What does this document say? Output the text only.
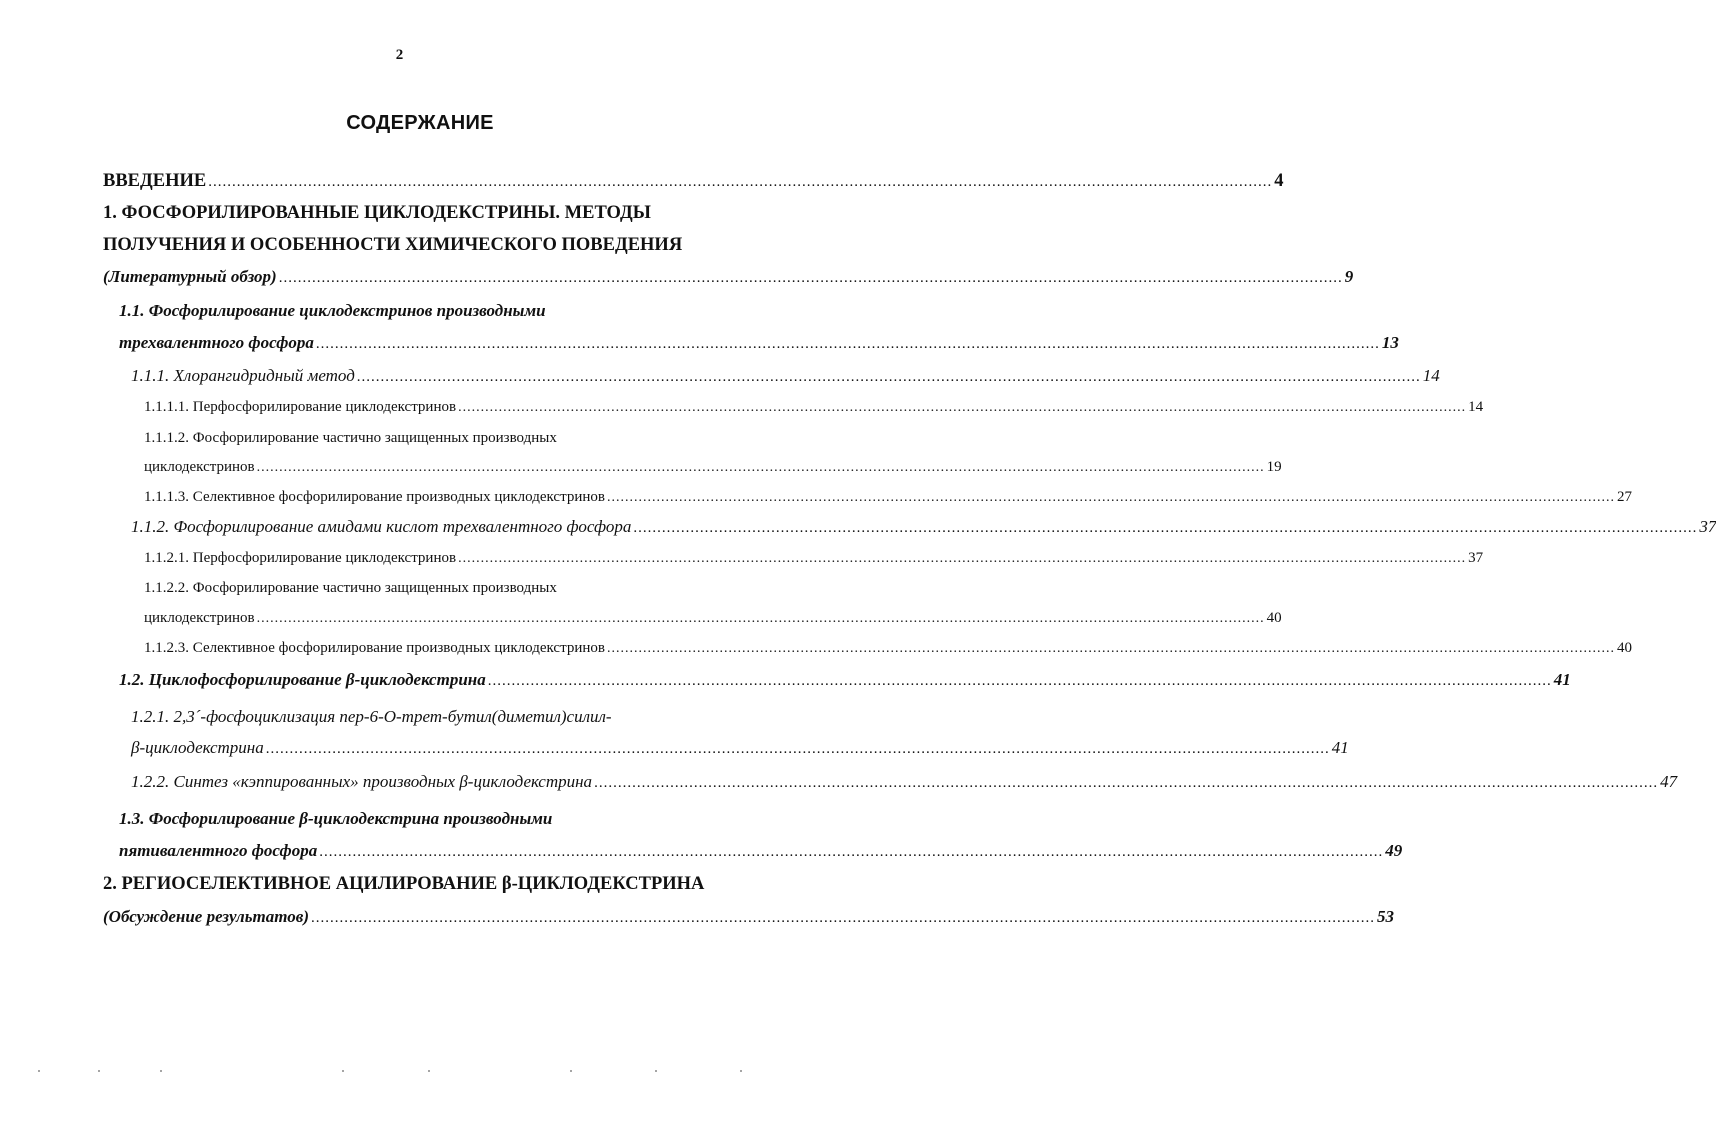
2
СОДЕРЖАНИЕ
ВВЕДЕНИЕ ................................................................................................................................................................................................................................ 4
1. ФОСФОРИЛИРОВАННЫЕ ЦИКЛОДЕКСТРИНЫ. МЕТОДЫ
ПОЛУЧЕНИЯ И ОСОБЕННОСТИ ХИМИЧЕСКОГО ПОВЕДЕНИЯ
(Литературный обзор) ................................................................................................................................................................................................................................ 9
1.1. Фосфорилирование циклодекстринов производными
трехвалентного фосфора ................................................................................................................................................................................................................................ 13
1.1.1. Хлорангидридный метод ................................................................................................................................................................................................................................ 14
1.1.1.1. Перфосфорилирование циклодекстринов ................................................................................................................................................................................................................................ 14
1.1.1.2. Фосфорилирование частично защищенных производных
циклодекстринов ................................................................................................................................................................................................................................ 19
1.1.1.3. Селективное фосфорилирование производных циклодекстринов ................................................................................................................................................................................................................................ 27
1.1.2. Фосфорилирование амидами кислот трехвалентного фосфора ................................................................................................................................................................................................................................ 37
1.1.2.1. Перфосфорилирование циклодекстринов ................................................................................................................................................................................................................................ 37
1.1.2.2. Фосфорилирование частично защищенных производных
циклодекстринов ................................................................................................................................................................................................................................ 40
1.1.2.3. Селективное фосфорилирование производных циклодекстринов ................................................................................................................................................................................................................................ 40
1.2. Циклофосфорилирование β-циклодекстрина ................................................................................................................................................................................................................................ 41
1.2.1. 2,3´-фосфоциклизация пер-6-О-трет-бутил(диметил)силил-
β-циклодекстрина ................................................................................................................................................................................................................................ 41
1.2.2. Синтез «кэппированных» производных β-циклодекстрина ................................................................................................................................................................................................................................ 47
1.3. Фосфорилирование β-циклодекстрина производными
пятивалентного фосфора ................................................................................................................................................................................................................................ 49
2. РЕГИОСЕЛЕКТИВНОЕ АЦИЛИРОВАНИЕ β-ЦИКЛОДЕКСТРИНА
(Обсуждение результатов) ................................................................................................................................................................................................................................ 53
